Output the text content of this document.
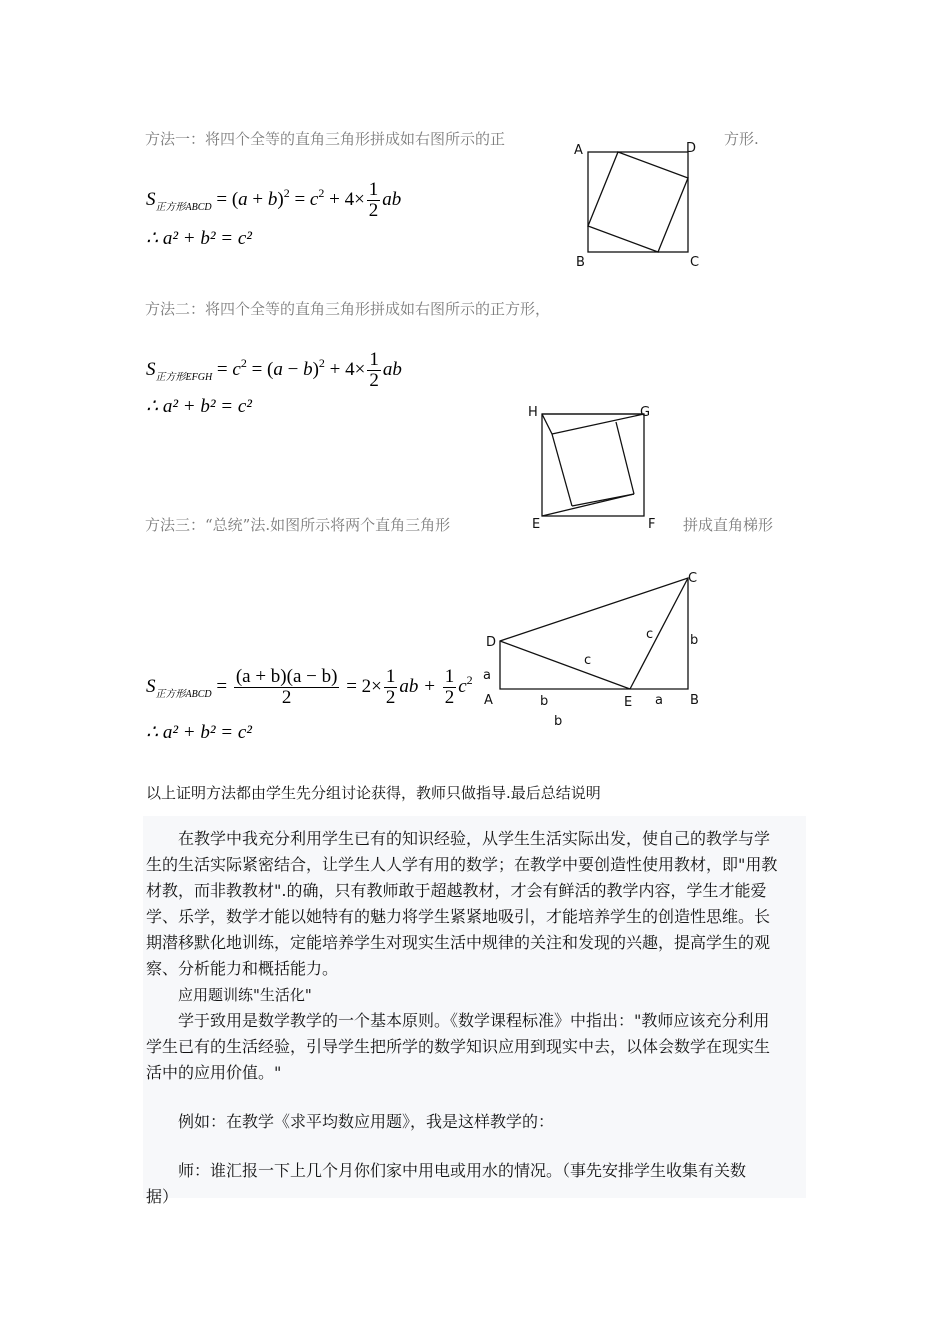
方法一：将四个全等的直角三角形拼成如右图所示的正	方形.
$S_{正方形ABCD} = (a + b)^2 = c^2 + 4\times \frac{1}{2}$ ab
∴ a² + b² = c²
A	D
B	C
方法二：将四个全等的直角三角形拼成如右图所示的正方形，
$S_{正方形EFGH} = c^2 = (a - b)^2 + 4\times \frac{1}{2}$ ab
∴ a² + b² = c²	H	G
E	F
方法三：“总统”法.如图所示将两个直角三角形	拼成直角梯形
C
D
A	E	B
a
a
b
b
b
c
c
$S_{正方形ABCD} = \frac{(a + b)(a - b)}{2} = 2\times \frac{1}{2}$ ab + $\frac{1}{2} c^2$
∴ a² + b² = c²
以上证明方法都由学生先分组讨论获得，教师只做指导.最后总结说明
在教学中我充分利用学生已有的知识经验，从学生生活实际出发，使自己的教学与学
生的生活实际紧密结合，让学生人人学有用的数学；在教学中要创造性使用教材，即"用教
材教，而非教教材".的确，只有教师敢于超越教材，才会有鲜活的教学内容，学生才能爱
学、乐学，数学才能以她特有的魅力将学生紧紧地吸引，才能培养学生的创造性思维。长
期潜移默化地训练，定能培养学生对现实生活中规律的关注和发现的兴趣，提高学生的观
察、分析能力和概括能力。
应用题训练"生活化"
学于致用是数学教学的一个基本原则。《数学课程标准》中指出："教师应该充分利用
学生已有的生活经验，引导学生把所学的数学知识应用到现实中去，以体会数学在现实生
活中的应用价值。"
例如：在教学《求平均数应用题》，我是这样教学的：
师：谁汇报一下上几个月你们家中用电或用水的情况。（事先安排学生收集有关数
据）
